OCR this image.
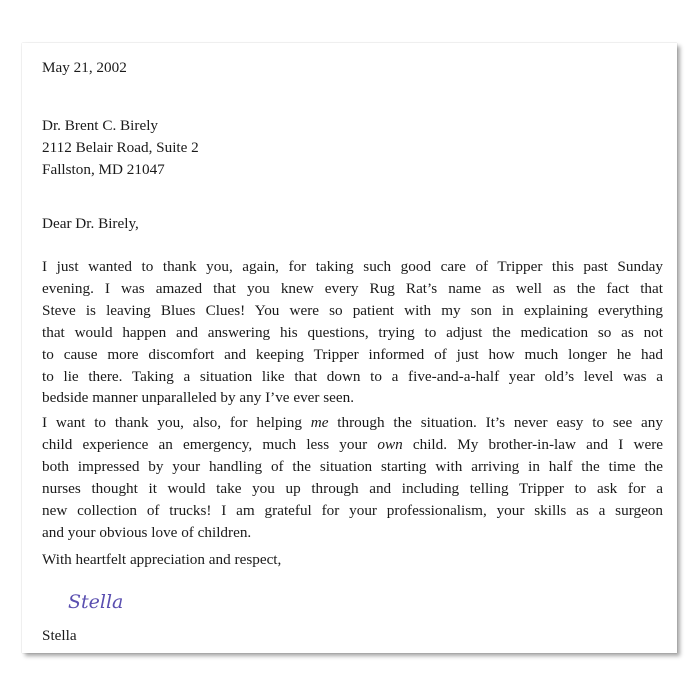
May 21, 2002

Dr. Brent C. Birely
2112 Belair Road, Suite 2
Fallston, MD 21047

Dear Dr. Birely,

I just wanted to thank you, again, for taking such good care of Tripper this past Sunday
evening. I was amazed that you knew every Rug Rat’s name as well as the fact that
Steve is leaving Blues Clues! You were so patient with my son in explaining everything
that would happen and answering his questions, trying to adjust the medication so as not
to cause more discomfort and keeping Tripper informed of just how much longer he had
to lie there. Taking a situation like that down to a five-and-a-half year old’s level was a
bedside manner unparalleled by any I’ve ever seen.

I want to thank you, also, for helping me through the situation. It’s never easy to see any
child experience an emergency, much less your own child. My brother-in-law and I were
both impressed by your handling of the situation starting with arriving in half the time the
nurses thought it would take you up through and including telling Tripper to ask for a
new collection of trucks! I am grateful for your professionalism, your skills as a surgeon
and your obvious love of children.

With heartfelt appreciation and respect,

Stella

Stella
